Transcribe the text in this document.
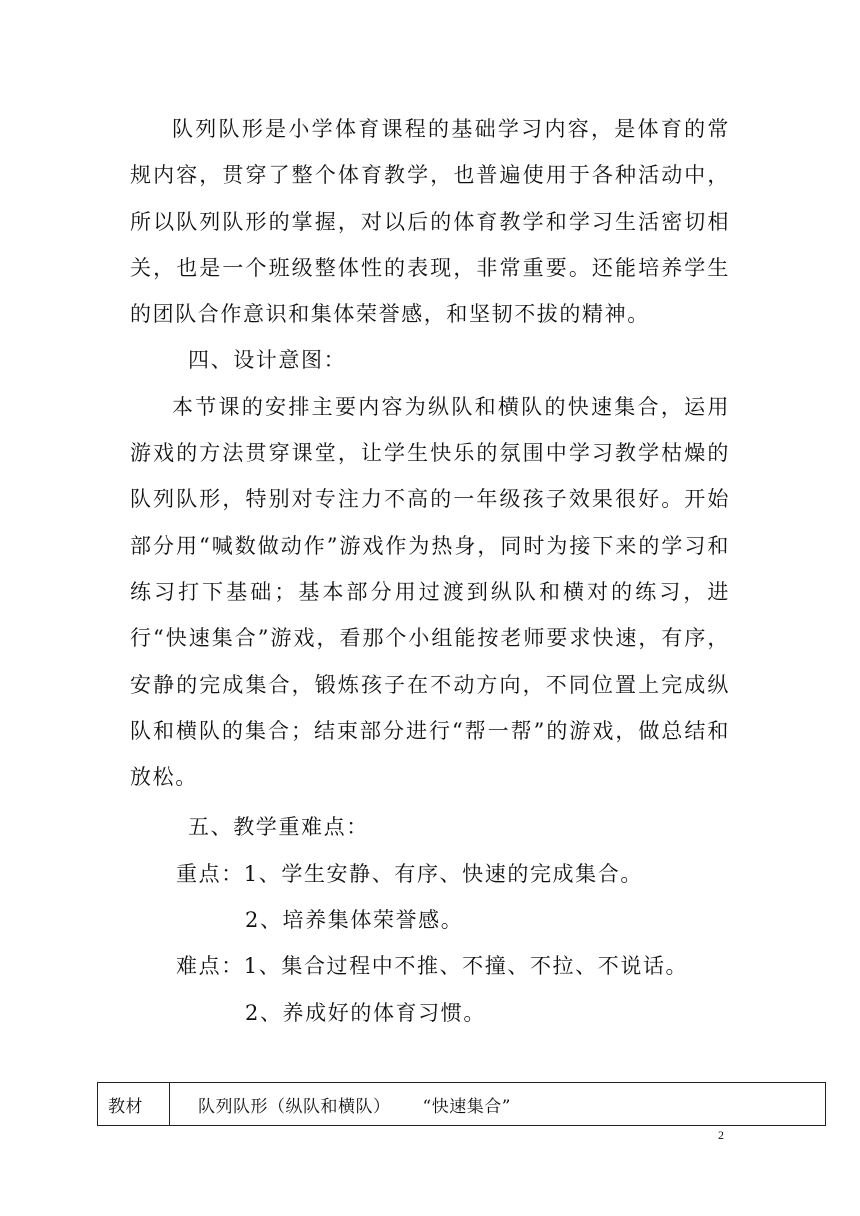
队列队形是小学体育课程的基础学习内容，是体育的常规内容，贯穿了整个体育教学，也普遍使用于各种活动中，所以队列队形的掌握，对以后的体育教学和学习生活密切相关，也是一个班级整体性的表现，非常重要。还能培养学生的团队合作意识和集体荣誉感，和坚韧不拔的精神。

四、设计意图：

本节课的安排主要内容为纵队和横队的快速集合，运用游戏的方法贯穿课堂，让学生快乐的氛围中学习教学枯燥的队列队形，特别对专注力不高的一年级孩子效果很好。开始部分用“喊数做动作”游戏作为热身，同时为接下来的学习和练习打下基础；基本部分用过渡到纵队和横对的练习，进行“快速集合”游戏，看那个小组能按老师要求快速，有序，安静的完成集合，锻炼孩子在不动方向，不同位置上完成纵队和横队的集合；结束部分进行“帮一帮”的游戏，做总结和放松。

五、教学重难点：

重点：1、学生安静、有序、快速的完成集合。

2、培养集体荣誉感。

难点：1、集合过程中不推、不撞、不拉、不说话。

2、养成好的体育习惯。

教材	队列队形（纵队和横队） “快速集合”
2
